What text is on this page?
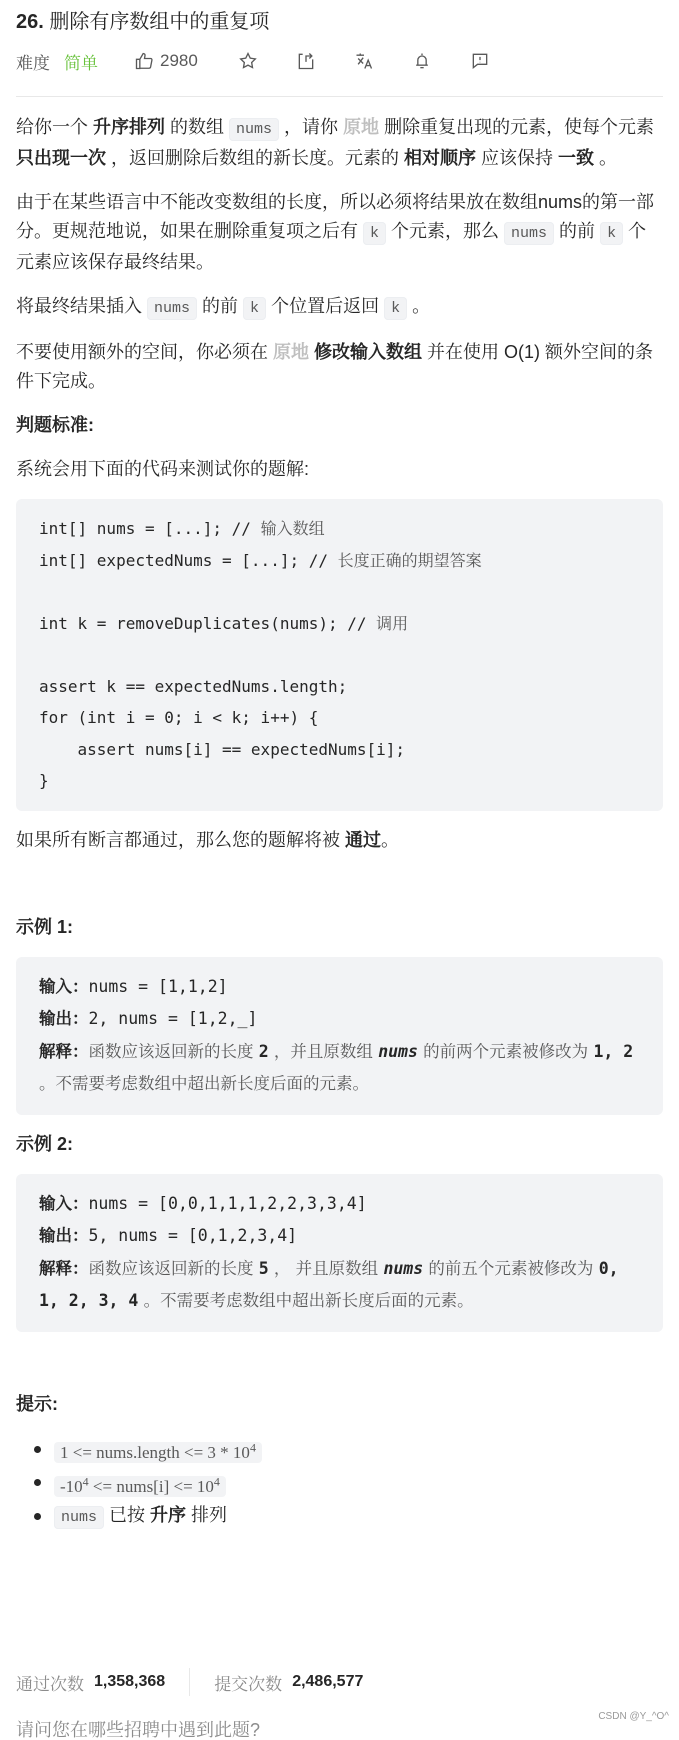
26. 删除有序数组中的重复项
难度 简单	2980

给你一个 升序排列 的数组 nums ，请你 原地 删除重复出现的元素，使每个元素 只出现一次 ，返回删除后数组的新长度。元素的 相对顺序 应该保持 一致 。

由于在某些语言中不能改变数组的长度，所以必须将结果放在数组nums的第一部分。更规范地说，如果在删除重复项之后有 k 个元素，那么 nums 的前 k 个元素应该保存最终结果。

将最终结果插入 nums 的前 k 个位置后返回 k 。

不要使用额外的空间，你必须在 原地 修改输入数组 并在使用 O(1) 额外空间的条件下完成。

判题标准:

系统会用下面的代码来测试你的题解:

int[] nums = [...]; // 输入数组
int[] expectedNums = [...]; // 长度正确的期望答案

int k = removeDuplicates(nums); // 调用

assert k == expectedNums.length;
for (int i = 0; i < k; i++) {
assert nums[i] == expectedNums[i];
}

如果所有断言都通过，那么您的题解将被 通过。

示例 1:

输入：nums = [1,1,2]
输出：2, nums = [1,2,_]
解释：函数应该返回新的长度 2 ，并且原数组 nums 的前两个元素被修改为 1, 2 。不需要考虑数组中超出新长度后面的元素。

示例 2:

输入：nums = [0,0,1,1,1,2,2,3,3,4]
输出：5, nums = [0,1,2,3,4]
解释：函数应该返回新的长度 5 ， 并且原数组 nums 的前五个元素被修改为 0, 1, 2, 3, 4 。不需要考虑数组中超出新长度后面的元素。

提示:

1 <= nums.length <= $3 * 10^4$
$-10^4$ <= nums[i] <= $10^4$
nums 已按 升序 排列
通过次数 1,358,368	提交次数 2,486,577
CSDN @Y_^O^
请问您在哪些招聘中遇到此题?
